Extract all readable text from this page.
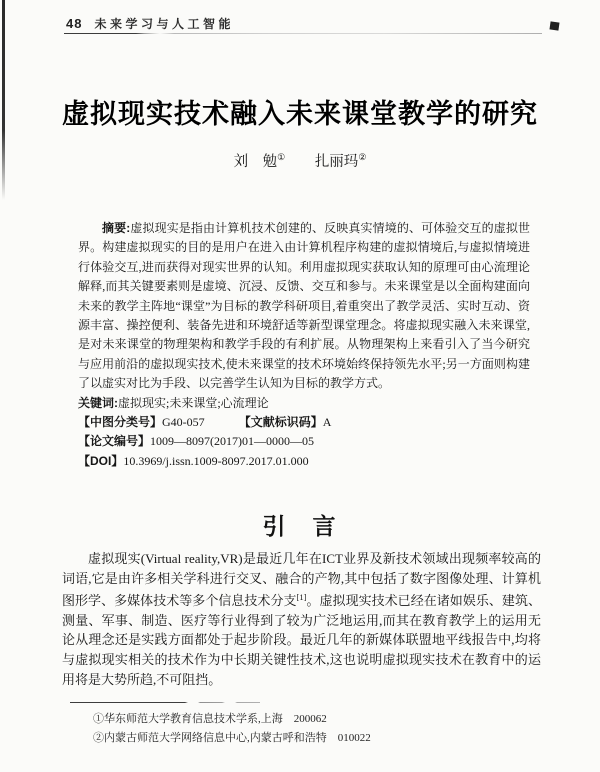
48 未来学习与人工智能
虚拟现实技术融入未来课堂教学的研究
刘　勉① 扎丽玛②

摘要:虚拟现实是指由计算机技术创建的、反映真实情境的、可体验交互的虚拟世界。构建虚拟现实的目的是用户在进入由计算机程序构建的虚拟情境后,与虚拟情境进行体验交互,进而获得对现实世界的认知。利用虚拟现实获取认知的原理可由心流理论解释,而其关键要素则是虚境、沉浸、反馈、交互和参与。未来课堂是以全面构建面向未来的教学主阵地“课堂”为目标的教学科研项目,着重突出了教学灵活、实时互动、资源丰富、操控便利、装备先进和环境舒适等新型课堂理念。将虚拟现实融入未来课堂,是对未来课堂的物理架构和教学手段的有利扩展。从物理架构上来看引入了当今研究与应用前沿的虚拟现实技术,使未来课堂的技术环境始终保持领先水平;另一方面则构建了以虚实对比为手段、以完善学生认知为目标的教学方式。

关键词:虚拟现实;未来课堂;心流理论

【中图分类号】G40-057	【文献标识码】A

【论文编号】1009—8097(2017)01—0000—05

【DOI】10.3969/j.issn.1009-8097.2017.01.000

引　言

虚拟现实(Virtual reality,VR)是最近几年在ICT业界及新技术领域出现频率较高的词语,它是由许多相关学科进行交叉、融合的产物,其中包括了数字图像处理、计算机图形学、多媒体技术等多个信息技术分支[1]。虚拟现实技术已经在诸如娱乐、建筑、测量、军事、制造、医疗等行业得到了较为广泛地运用,而其在教育教学上的运用无论从理念还是实践方面都处于起步阶段。最近几年的新媒体联盟地平线报告中,均将与虚拟现实相关的技术作为中长期关键性技术,这也说明虚拟现实技术在教育中的运用将是大势所趋,不可阻挡。

①华东师范大学教育信息技术学系,上海　200062

②内蒙古师范大学网络信息中心,内蒙古呼和浩特　010022
